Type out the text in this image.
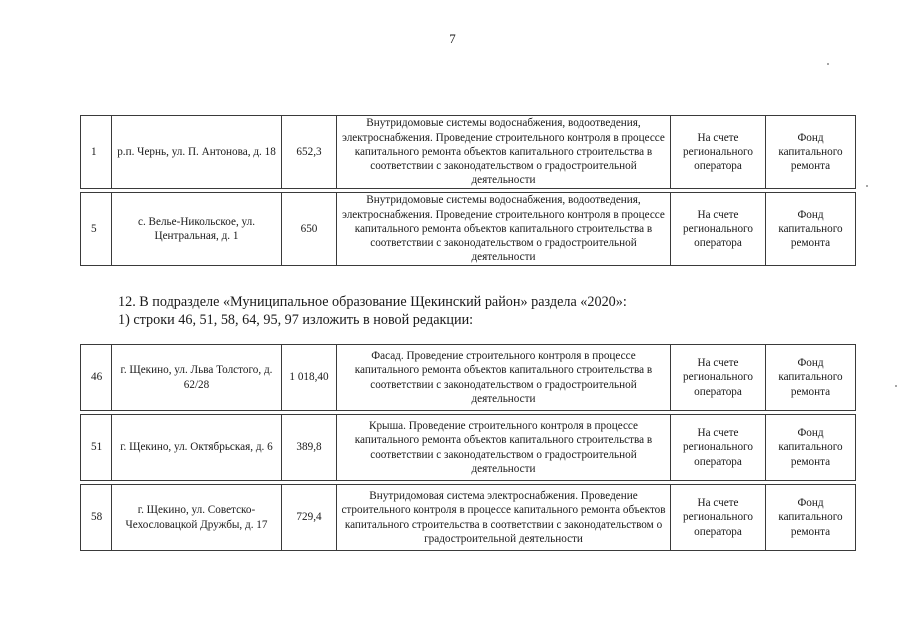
7
1	р.п. Чернь, ул. П. Антонова, д. 18	652,3	Внутридомовые системы водоснабжения, водоотведения, электроснабжения. Проведение строительного контроля в процессе капитального ремонта объектов капитального строительства в соответствии с законодательством о градостроительной деятельности	На счете регионального оператора	Фонд капитального ремонта

5	с. Велье-Никольское, ул. Центральная, д. 1	650	Внутридомовые системы водоснабжения, водоотведения, электроснабжения. Проведение строительного контроля в процессе капитального ремонта объектов капитального строительства в соответствии с законодательством о градостроительной деятельности	На счете регионального оператора	Фонд капитального ремонта
12. В подразделе «Муниципальное образование Щекинский район» раздела «2020»:
1) строки 46, 51, 58, 64, 95, 97 изложить в новой редакции:
46	г. Щекино, ул. Льва Толстого, д. 62/28	1 018,40	Фасад. Проведение строительного контроля в процессе капитального ремонта объектов капитального строительства в соответствии с законодательством о градостроительной деятельности	На счете регионального оператора	Фонд капитального ремонта

51	г. Щекино, ул. Октябрьская, д. 6	389,8	Крыша. Проведение строительного контроля в процессе капитального ремонта объектов капитального строительства в соответствии с законодательством о градостроительной деятельности	На счете регионального оператора	Фонд капитального ремонта

58	г. Щекино, ул. Советско-Чехословацкой Дружбы, д. 17	729,4	Внутридомовая система электроснабжения. Проведение строительного контроля в процессе капитального ремонта объектов капитального строительства в соответствии с законодательством о градостроительной деятельности	На счете регионального оператора	Фонд капитального ремонта
